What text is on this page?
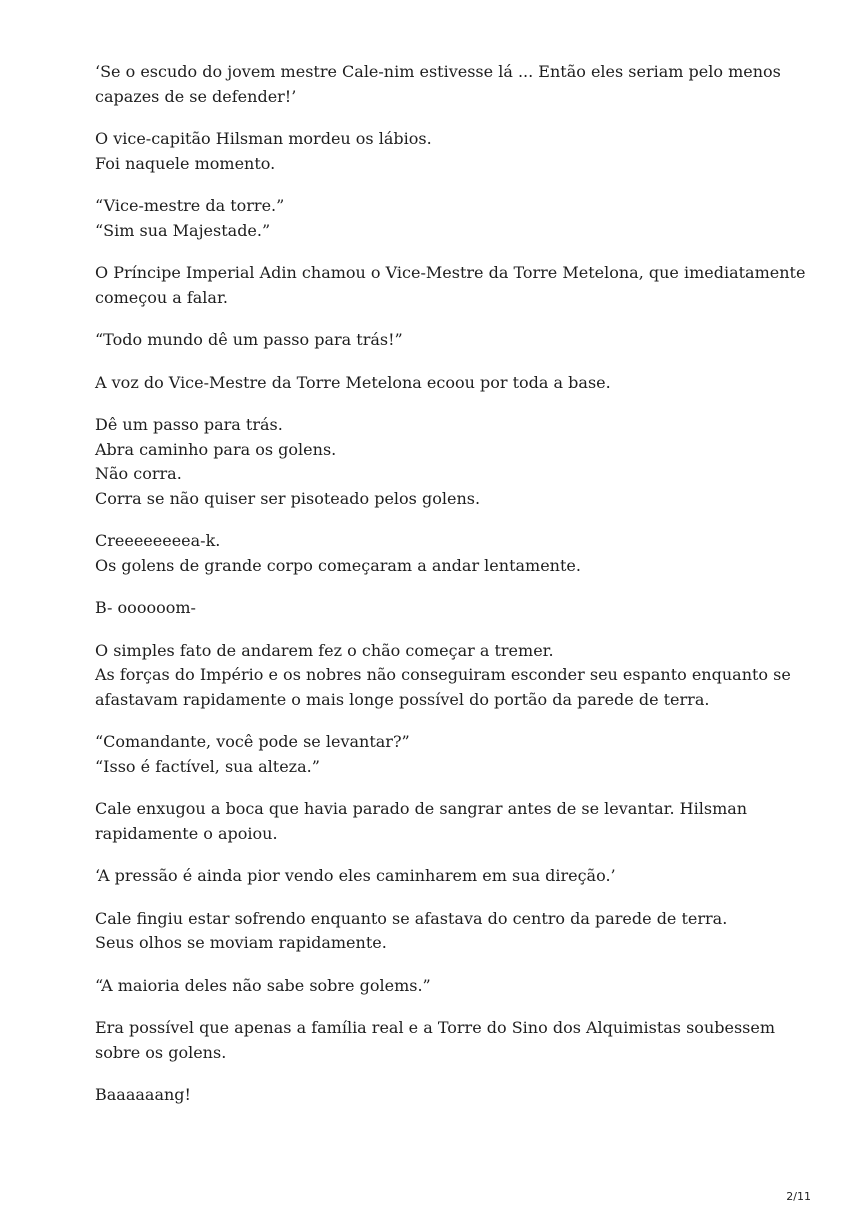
‘Se o escudo do jovem mestre Cale-nim estivesse lá ... Então eles seriam pelo menos
capazes de se defender!’

O vice-capitão Hilsman mordeu os lábios.
Foi naquele momento.

“Vice-mestre da torre.”
“Sim sua Majestade.”

O Príncipe Imperial Adin chamou o Vice-Mestre da Torre Metelona, que imediatamente
começou a falar.

“Todo mundo dê um passo para trás!”

A voz do Vice-Mestre da Torre Metelona ecoou por toda a base.

Dê um passo para trás.
Abra caminho para os golens.
Não corra.
Corra se não quiser ser pisoteado pelos golens.

Creeeeeeeea-k.
Os golens de grande corpo começaram a andar lentamente.

B- oooooom-

O simples fato de andarem fez o chão começar a tremer.
As forças do Império e os nobres não conseguiram esconder seu espanto enquanto se
afastavam rapidamente o mais longe possível do portão da parede de terra.

“Comandante, você pode se levantar?”
“Isso é factível, sua alteza.”

Cale enxugou a boca que havia parado de sangrar antes de se levantar. Hilsman
rapidamente o apoiou.

‘A pressão é ainda pior vendo eles caminharem em sua direção.’

Cale fingiu estar sofrendo enquanto se afastava do centro da parede de terra.
Seus olhos se moviam rapidamente.

“A maioria deles não sabe sobre golems.”

Era possível que apenas a família real e a Torre do Sino dos Alquimistas soubessem
sobre os golens.

Baaaaaang!

2/11
